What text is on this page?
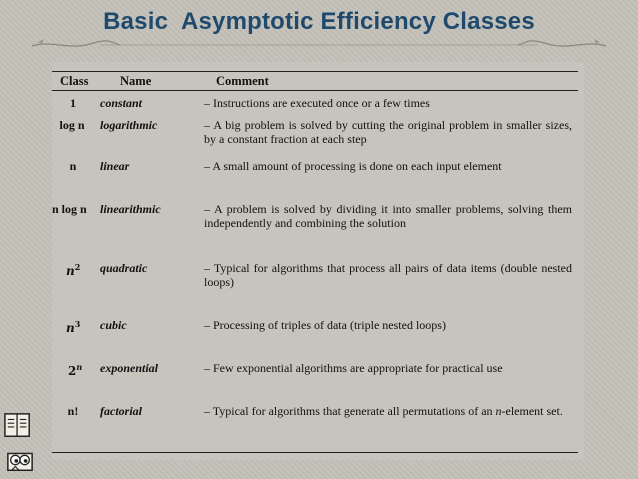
Basic  Asymptotic Efficiency Classes
Class	Name	Comment
1	constant	– Instructions are executed once or a few times
log n	logarithmic	– A big problem is solved by cutting the original problem in smaller sizes, by a constant fraction at each step
n	linear	– A small amount of processing is done on each input element
n log n	linearithmic	– A problem is solved by dividing it into smaller problems, solving them independently and combining the solution
$n^2$ quadratic	– Typical for algorithms that process all pairs of data items (double nested loops)
$n^3$ cubic	– Processing of triples of data (triple nested loops)
2$^n$ exponential	– Few exponential algorithms are appropriate for practical use
n!	factorial	– Typical for algorithms that generate all permutations of an n-element set.
